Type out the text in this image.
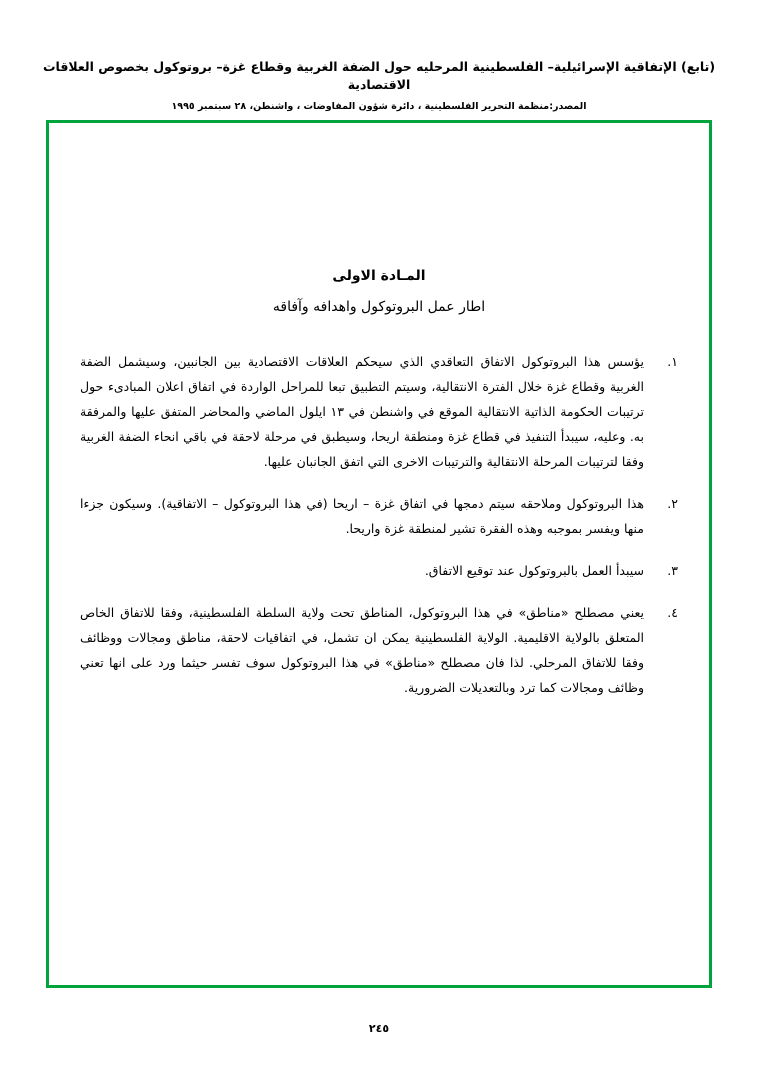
(تابع) الإتفاقية الإسرائيلية– الفلسطينية المرحليه حول الضفة الغربية وقطاع غزة– بروتوكول بخصوص العلاقات الاقتصادية
المصدر:منظمة التحرير الفلسطينية ، دائرة شؤون المفاوضات ، واشنطن، ٢٨ سبتمبر ١٩٩٥
المـادة الاولى
اطار عمل البروتوكول واهدافه وآفاقه
١.
يؤسس هذا البروتوكول الاتفاق التعاقدي الذي سيحكم العلاقات الاقتصادية بين الجانبين، وسيشمل الضفة الغربية وقطاع غزة خلال الفترة الانتقالية، وسيتم التطبيق تبعا للمراحل الواردة في اتفاق اعلان المبادىء حول ترتيبات الحكومة الذاتية الانتقالية الموقع في واشنطن في ١٣ ايلول الماضي والمحاضر المتفق عليها والمرفقة به. وعليه، سيبدأ التنفيذ في قطاع غزة ومنطقة اريحا، وسيطبق في مرحلة لاحقة في باقي انحاء الضفة الغربية وفقا لترتيبات المرحلة الانتقالية والترتيبات الاخرى التي اتفق الجانبان عليها.
٢.
هذا البروتوكول وملاحقه سيتم دمجها في اتفاق غزة – اريحا (في هذا البروتوكول – الاتفاقية). وسيكون جزءا منها ويفسر بموجبه وهذه الفقرة تشير لمنطقة غزة واريحا.
٣.
سيبدأ العمل بالبروتوكول عند توقيع الاتفاق.
٤.
يعني مصطلح «مناطق» في هذا البروتوكول، المناطق تحت ولاية السلطة الفلسطينية، وفقا للاتفاق الخاص المتعلق بالولاية الاقليمية. الولاية الفلسطينية يمكن ان تشمل، في اتفاقيات لاحقة، مناطق ومجالات ووظائف وفقا للاتفاق المرحلي. لذا فان مصطلح «مناطق» في هذا البروتوكول سوف تفسر حيثما ورد على انها تعني وظائف ومجالات كما ترد وبالتعديلات الضرورية.
٢٤٥
